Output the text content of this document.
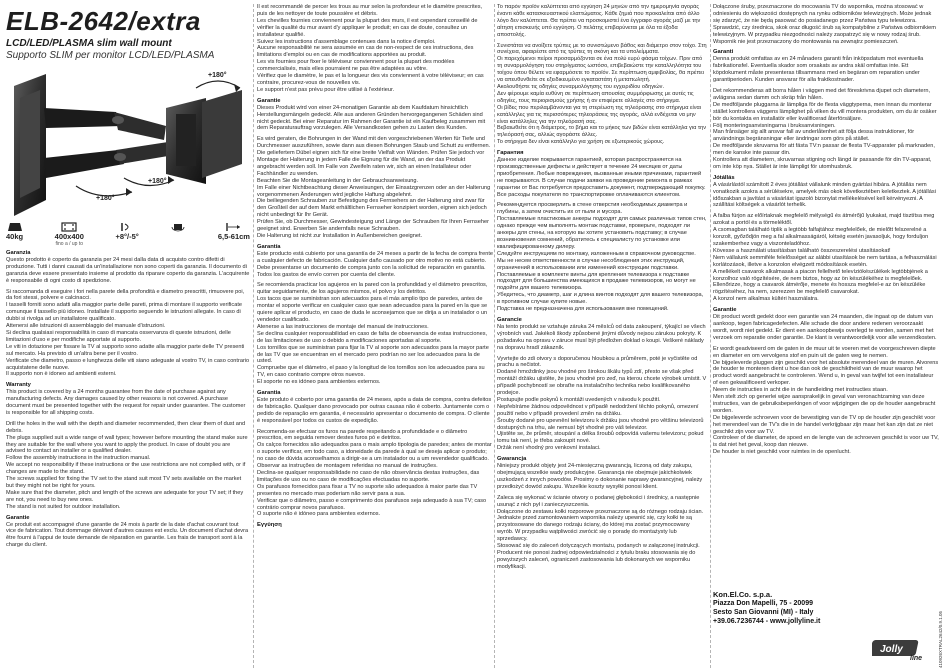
ELB-2642/extra
LCD/LED/PLASMA slim wall mount
Supporto SLIM per monitor LCD/LED/PLASMA
+180°
+180°
+180°
40kg	400x400
fino a / up to
+8°/-5°	6,5-61cm
Garanzia

Questo prodotto è coperto da garanzia per 24 mesi dalla data di acquisto contro difetti di produzione. Tutti i danni causati da un'installazione non sono coperti da garanzia. Il documento di garanzia deve essere presentato insieme al prodotto da riparare coperto da garanzia. L'acquirente è responsabile di ogni costo di spedizione.

Si raccomanda di eseguire i fori nella parete della profondità e diametro prescritti, rimuovere poi, da fori stessi, polvere e calcinacci.
I tasselli forniti sono adatti alla maggior parte delle pareti, prima di montare il supporto verificate comunque il tassello più idoneo. Installate il supporto seguendo le istruzioni allegate. In caso di dubbi si rivolga ad un installatore qualificato.
Attenersi alle istruzioni di assemblaggio del manuale d'istruzioni.
Si declina qualsiasi responsabilità in caso di mancata osservanza di queste istruzioni, delle limitazioni d'uso e per modifiche apportate al supporto.
Le viti in dotazione per fissare la TV al supporto sono adatte alla maggior parte delle TV presenti sul mercato. Ha previsto di un'altra bene per il vostro.
Verificate che diametro, passo e lunghezza delle viti siano adeguate al vostro TV, in caso contrario acquistatene delle nuove.
Il supporto non è idoneo ad ambienti esterni.

Warranty

This product is covered by a 24 months guarantee from the date of purchase against any manufacturing defects. Any damages caused by other reasons is not covered. A purchase document must be presented together with the request for repair under guarantee. The customer is responsible for all shipping costs.

Drill the holes in the wall with the depth and diameter recommended, then clear them of dust and debris.
The plugs supplied suit a wide range of wall types; however before mounting the stand make sure they are suitable for the wall where you want to apply the product. In case of doubt you are advised to contact an installer or a qualified dealer.
Follow the assembly instructions in the instruction manual.
We accept no responsibility if these instructions or the use restrictions are not complied with, or if changes are made to the stand.
The screws supplied for fixing the TV set to the stand suit most TV sets available on the market but they might not be right for yours.
Make sure that the diameter, pitch and length of the screws are adequate for your TV set; if they are not, you need to buy new ones.
The stand is not suited for outdoor installation.

Garantie

Ce produit est accompagné d'une garantie de 24 mois à partir de la date d'achat couvrant tout vice de fabrication. Tout dommage dérivant d'autres causes est exclu. Un document d'achat devra être fourni à l'appui de toute demande de réparation en garantie. Les frais de transport sont à la charge du client.

Il est recommandé de percer les trous au mur selon la profondeur et le diamètre prescrites, puis de les nettoyer de toute poussière et débris.
Les chevilles fournies conviennent pour la plupart des murs, il est cependant conseillé de vérifier la qualité du mur avant d'y appliquer le produit; en cas de doute, consultez un installateur qualifié.
Suivez les instructions d'assemblage contenues dans la notice d'emploi.
Aucune responsabilité ne sera assumée en cas de non-respect de ces instructions, des limitations d'emploi ou en cas de modifications apportées au produit.
Les vis fournies pour fixer le téléviseur conviennent pour la plupart des modèles commercialisés, mais elles pourraient ne pas être adaptées au vôtre.
Vérifiez que le diamètre, le pas et la longueur des vis conviennent à votre téléviseur; en cas contraire, procurez-vous de nouvelles vis.
Le support n'est pas prévu pour être utilisé à l'extérieur.

Garantie

Dieses Produkt wird von einer 24-monatigen Garantie ab dem Kaufdatum hinsichtlich Herstellungsmängeln gedeckt. Alle aus anderen Gründen hervorgegangenen Schäden sind nicht gedeckt. Bei einer Reparatur im Rahmen der Garantie ist ein Kaufbeleg zusammen mit dem Reparaturauftrag vorzulegen. Alle Versandkosten gehen zu Lasten des Kunden.

Es wird geraten, die Bohrungen in der Wand mit den vorgeschriebenen Werten für Tiefe und Durchmesser auszuführen, sowie dann aus diesen Bohrungen Staub und Schutt zu entfernen.
Die geliefertem Dübel eignen sich für eine breite Vielfalt von Wänden. Prüfen Sie jedoch vor Montage der Halterung in jedem Falle die Eignung für die Wand, an der das Produkt angebracht werden soll. Im Falle von Zweifeln raten wir, sich an einen Installateur oder Fachhändler zu wenden.
Beachten Sie die Montageanleitung in der Gebrauchsanweisung.
Im Falle einer Nichtbeachtung dieser Anweisungen, der Einsatzgrenzen oder an der Halterung vorgenommenen Änderungen wird jegliche Haftung abgelehnt.
Die beiliegenden Schrauben zur Befestigung des Fernsehers an der Halterung sind zwar für den Großteil der auf dem Markt erhältlichen Fernseher konzipiert worden, eignen sich jedoch nicht unbedingt für Ihr Gerät.
Prüfen Sie, ob Durchmesser, Gewindesteigung und Länge der Schrauben für Ihren Fernseher geeignet sind. Erwerben Sie andernfalls neue Schrauben.
Die Halterung ist nicht zur Installation in Außenbereichen geeignet.

Garantía

Este producto está cubierto por una garantía de 24 meses a partir de la fecha de compra frente a cualquier defecto de fabricación. Cualquier daño causado por otro motivo no está cubierto. Debe presentarse un documento de compra junto con la solicitud de reparación en garantía. Todos los gastos de envío corren por cuenta del cliente.

Se recomienda practicar los agujeros en la pared con la profundidad y el diámetro prescritos, quitar seguidamente, de los agujeros mismos, el polvo y los detritos.
Los tacos que se suministran son adecuados para el más amplio tipo de paredes, antes de montar el soporte verificar en cualquier caso que sean adecuados para la pared en la que se quiere aplicar el producto, en caso de duda le aconsejamos que se dirija a un instalador o un vendedor cualificado.
Atenerse a las instrucciones de montaje del manual de instrucciones.
Se declina cualquier responsabilidad en caso de falta de observancia de estas instrucciones, de las limitaciones de uso o debido a modificaciones aportadas al soporte.
Los tornillos que se suministran para fijar la TV al soporte son adecuados para la mayor parte de las TV que se encuentran en el mercado pero podrían no ser los adecuados para la de usted.
Compruebe que el diámetro, el paso y la longitud de los tornillos son los adecuados para su TV, en caso contrario compre otros nuevos.
El soporte no es idóneo para ambientes externos.

Garantia

Este produto é coberto por uma garantia de 24 meses, após a data de compra, contra defeitos de fabricação. Qualquer dano provocado por outras causas não é coberto. Juntamente com o pedido de reparação em garantia, é necessário apresentar o documento de compra. O cliente é responsável por todos os custos de expedição.

Recomenda-se efectuar os furos na parede respeitando a profundidade e o diâmetro prescritos, em seguida remover destes furos pó e detritos.
Os calços fornecidos são adequados para o mais amplo tipologia de paredes; antes de montar o suporte verificar, em todo caso, a idoneidade da parede à qual se deseja aplicar o produto; no caso de dúvida aconselhamos a dirigir-se a um instalador ou a um revendedor qualificado.
Observar as instruções de montagem referidas no manual de instruções.
Declina-se qualquer responsabilidade no caso de não observância destas instruções, das limitações de uso ou no caso de modificações efectuadas no suporte.
Os parafusos fornecidos para fixar a TV no suporte são adequados à maior parte das TV presentes no mercado mas poderiam não servir para a sua.
Verificar que o diâmetro, passo e comprimento dos parafusos seja adequado à sua TV; caso contrário comprar novos parafusos.
O suporte não é idóneo para ambientes externos.

Εγγύηση

Το παρόν προϊόν καλύπτεται από εγγύηση 24 μηνών από την ημερομηνία αγοράς έναντι κάθε κατασκευαστικού ελαττώματος. Κάθε ζημιά που προκαλείται από άλλο λόγο δεν καλύπτεται. Θα πρέπει να προσκομιστεί ένα έγγραφο αγοράς μαζί με την αίτηση επισκευής υπό εγγύηση. Ο πελάτης επιβαρύνεται με όλα τα έξοδα αποστολής.

Συνιστάται να ανοίξετε τρύπες με το συνιστώμενο βάθος και διάμετρο στον τοίχο. Στη συνέχεια, αφαιρέστε από τις τρύπες τη σκόνη και τα υπολείμματα.
Οι παρεχόμενοι πείροι προσαρμόζονται σε ένα πολύ ευρύ φάσμα τοίχων. Πριν από τη συναρμολόγηση του στηρίγματος ωστόσο, επιβεβαιώστε την καταλληλότητα του τοίχου όπου θέλετε να εφαρμόσετε το προϊόν. Σε περίπτωση αμφιβολίας, θα πρέπει να απευθυνθείτε σε εξειδικευμένο εγκαταστάτη ή μεταπωλητή.
Ακολουθήστε τις οδηγίες συναρμολόγησης του εγχειριδίου οδηγιών.
Δεν φέρουμε καμία ευθύνη σε περίπτωση απουσίας συμμόρφωσης με αυτές τις οδηγίες, τους περιορισμούς χρήσης ή αν επιφέρετε αλλαγές στο στήριγμα.
Οι βίδες που περιλαμβάνονται για τη στερέωση της τηλεόρασης στο στήριγμα είναι κατάλληλες για τις περισσότερες τηλεοράσεις της αγοράς, αλλά ενδέχεται να μην είναι κατάλληλες για την τηλεόρασή σας.
Βεβαιωθείτε ότι η διάμετρος, το βήμα και το μήκος των βιδών είναι κατάλληλα για την τηλεόρασή σας, αλλιώς αγοράστε άλλες.
Το στήριγμα δεν είναι κατάλληλο για χρήση σε εξωτερικούς χώρους.

Гарантия

Данное изделие покрывается гарантией, которая распространяется на производственные дефекты и действует в течение 24 месяцев от даты приобретения. Любые повреждения, вызванные иными причинами, гарантией не покрываются. В случае подачи заявки на проведение ремонта в рамках гарантии от Вас потребуется предоставить документ, подтверждающий покупку. Все расходы покупателя по транспортировке оплачиваются клиентом.

Рекомендуется просверлить в стене отверстия необходимых диаметра и глубины, а затем очистить их от пыли и мусора.
Поставляемые пластиковые анкеры подходят для самых различных типов стен, однако прежде чем выполнять монтаж подставки, проверьте, подходят ли анкеры для стены, на которую вы хотите установить подставку; в случае возникновения сомнений, обратитесь к специалисту по установке или квалифицированному дилеру.
Следуйте инструкциям по монтажу, изложенным в справочном руководстве.
Мы не несем ответственности в случае несоблюдения этих инструкций, ограничений в использовании или изменений конструкции подставки.
Поставляемые в комплекте винты для крепления телевизора к подставке подходят для большинства имеющихся в продаже телевизоров, но могут не подойти для вашего телевизора.
Убедитесь, что диаметр, шаг и длина винтов подходят для вашего телевизора, в противном случае купите новые.
Подставка не предназначена для использования вне помещений.

Garancie

Na tento produkt se vztahuje záruka 24 měsíců od data zakoupení, týkající se všech výrobních vad. Jakékoli škody způsobené jinými důvody nejsou zárukou pokryty. K požadavku na opravu v záruce musí být předložen doklad o koupi. Veškeré náklady na dopravu hradí zákazník.

Vyvrtejte do zdi otvory s doporučenou hloubkou a průměrem, poté je vyčistěte od prachu a nečistot.
Dodané hmoždinky jsou vhodné pro širokou škálu typů zdí, přesto se však před montáží držáku ujistěte, že jsou vhodné pro zeď, na kterou chcete výrobek umístit. V případě pochybností se obraťte na instalačního technika nebo kvalifikovaného prodejce.
Postupujte podle pokynů k montáži uvedených v návodu k použití.
Nepřebíráme žádnou odpovědnost v případě nedodržení těchto pokynů, omezení použití nebo v případě provedení změn na držáku.
Šrouby dodané pro upevnění televizoru k držáku jsou vhodné pro většinu televizorů dostupných na trhu, ale nemusí být vhodné pro váš televizor.
Ujistěte se, že průměr, stoupání a délka šroubů odpovídá vašemu televizoru; pokud tomu tak není, je třeba zakoupit nové.
Držák není vhodný pro venkovní instalaci.

Gwarancja

Niniejszy produkt objęty jest 24-miesięczną gwarancją, liczoną od daty zakupu, obejmującą wszelkie wady produkcyjne. Gwarancja nie obejmuje jakichkolwiek uszkodzeń z innych powodów. Prosimy o dokonanie naprawy gwarancyjnej, należy przedłożyć dowód zakupu. Wszelkie koszty wysyłki ponosi klient.

Zaleca się wykonać w ścianie otwory o podanej głębokości i średnicy, a następnie usunąć z nich pył i zanieczyszczenia.
Dołączone do zestawu kołki rozporowe przeznaczone są do różnego rodzaju ścian. Jednakże przed zamontowaniem wspornika należy upewnić się, czy kołki te są przystosowane do danego rodzaju ściany, do której ma zostać przymocowany wyrób. W przypadku wątpliwości zwrócić się o poradę do montażysty lub sprzedawcy.
Stosować się do zaleceń dotyczących montażu, podanych w załączonej instrukcji.
Producent nie ponosi żadnej odpowiedzialności z tytułu braku stosowania się do powyższych zaleceń, ograniczeń zastosowania lub dokonanych we wsporniku modyfikacji.

Dołączone śruby, przeznaczone do mocowania TV do wspornika, można stosować w odniesieniu do większości dostępnych na rynku odbiorników telewizyjnych. Może jednak się zdarzyć, że nie będą pasować do posiadanego przez Państwa typu telewizora.
Sprawdzić, czy średnica, skok oraz długość śrub są kompatybilne z Państwa odbiornikiem telewizyjnym. W przypadku niezgodności należy zaopatrzyć się w nowy rodzaj śrub.
Wspornik nie jest przeznaczony do montowania na zewnątrz pomieszczeń.

Garanti

Denna produkt omfattas av en 24 månaders garanti från inköpsdatum mot eventuella fabrikationsfel. Eventuella skador som orsakats av andra skäl omfattas inte. Ett köpdokument måste presenteras tillsammans med en begäran om reparation under garantiperioden. Kunden ansvarar för alla fraktkostnader.

Det rekommenderas att borra hålen i väggen med det föreskrivna djupet och diametern, avlägsna sedan damm och skräp från hålen.
De medföljande pluggarna är lämpliga för de flesta väggtyperna, men innan du monterar stället kontrollera väggens lämplighet på vilken du vill montera produkten, om du är osäker bör du kontakta en installatör eller kvalificerad återförsäljare.
Följ monteringsanvisningarna i bruksanvisningen.
Man frånsäger sig allt ansvar fall av underlåtenhet att följa dessa instruktioner, för användnings begränsningar eller ändringar som görs på stället.
De medföljande skruvarna för att fästa TV:n passar de flesta TV-apparater på marknaden, men de kanske inte passar din.
Kontrollera att diametern, skruvarnas stigning och längd är passande för din TV-apparat, om inte köp nya. Stället är inte lämpligt för utomhusbruk.

Jótállás

A vásárlástól számított 2 éves jótállást vállalunk minden gyártási hibára. A jótállás nem vonatkozik azokra a sérülésekre, amelyek más okok következtében keletkeztek. A jótállási időszakban a javítást a vásárlást igazoló bizonylat mellékelésével kell kérvényezni. A szállítási költségek a vásárlót terhelik.

A falba fúrjon az előírtaknak megfelelő mélységű és átmérőjű lyukakat, majd tisztítsa meg azokat a portól és a törmeléktől.
A csomagban található tiplik a legtöbb falfajtához megfelelőek, de mielőtt felszerelné a konzolt, győződjön meg a fal alkalmasságáról, kétség esetén javasoljuk, hogy forduljon szakemberhez vagy a viszonteladóhoz.
Kövesse a használati utasításban található összeszerelési utasításokat!
Nem vállalunk semmiféle felelősséget az alábbi utasítások be nem tartása, a felhasználási korlátozások, illetve a konzolon elvégzett módosítások esetén.
A mellékelt csavarok alkalmasak a piacon fellelhető televíziókészülékek legtöbbjének a konzolhoz való rögzítésére, de nem biztos, hogy az ön készülékéhez is megfelelőek.
Ellenőrizze, hogy a csavarok átmérője, menete és hossza megfelel-e az ön készüléke rögzítéséhez, ha nem, szerezzen be megfelelő csavarokat.
A konzol nem alkalmas kültéri használatra.

Garantie

Dit product wordt gedekt door een garantie van 24 maanden, die ingaat op de datum van aankoop, tegen fabricagedefecten. Alle schade die door andere redenen veroorzaakt wordt, wordt niet gedekt. Er dient een aankoopbewijs overlegd te worden, samen met het verzoek om reparatie onder garantie. De klant is verantwoordelijk voor alle verzendkosten.

Er wordt geadviseerd om de gaten in de muur uit te voeren met de voorgeschreven diepte en diameter en om vervolgens stof en puin uit de gaten weg te nemen.
De bijgeleverde pluggen zijn geschikt voor het absolute merendeel van de muren. Alvorens de houder te monteren dient u hoe dan ook de geschiktheid van de muur waarop het product wordt aangebracht te controleren. Wend u, in geval van twijfel tot een installateur of een gekwalificeerd verkoper.
Neem de instructies in acht die in de handleiding met instructies staan.
Men stelt zich op generlei wijze aansprakelijk in geval van veronachtzaming van deze instructies, van de gebruiksbeperkingen of voor wijzigingen die op de houder aangebracht worden.
De bijgeleverde schroeven voor de bevestiging van de TV op de houder zijn geschikt voor het merendeel van de TV's die in de handel verkrijgbaar zijn maar het kan zijn dat ze niet geschikt zijn voor uw TV.
Controleer of de diameter, de spoed en de lengte van de schroeven geschikt is voor uw TV, is dat niet het geval, koop dan nieuwe.
De houder is niet geschikt voor ruimtes in de openlucht.

Kon.El.Co. s.p.a.
Piazza Don Mapelli, 75 - 20099
Sesto San Giovanni (MI) - Italy
+39.06.7236744 - www.jollyline.it	410926XTRAL2642/0.9.1.05
Jolly
line
